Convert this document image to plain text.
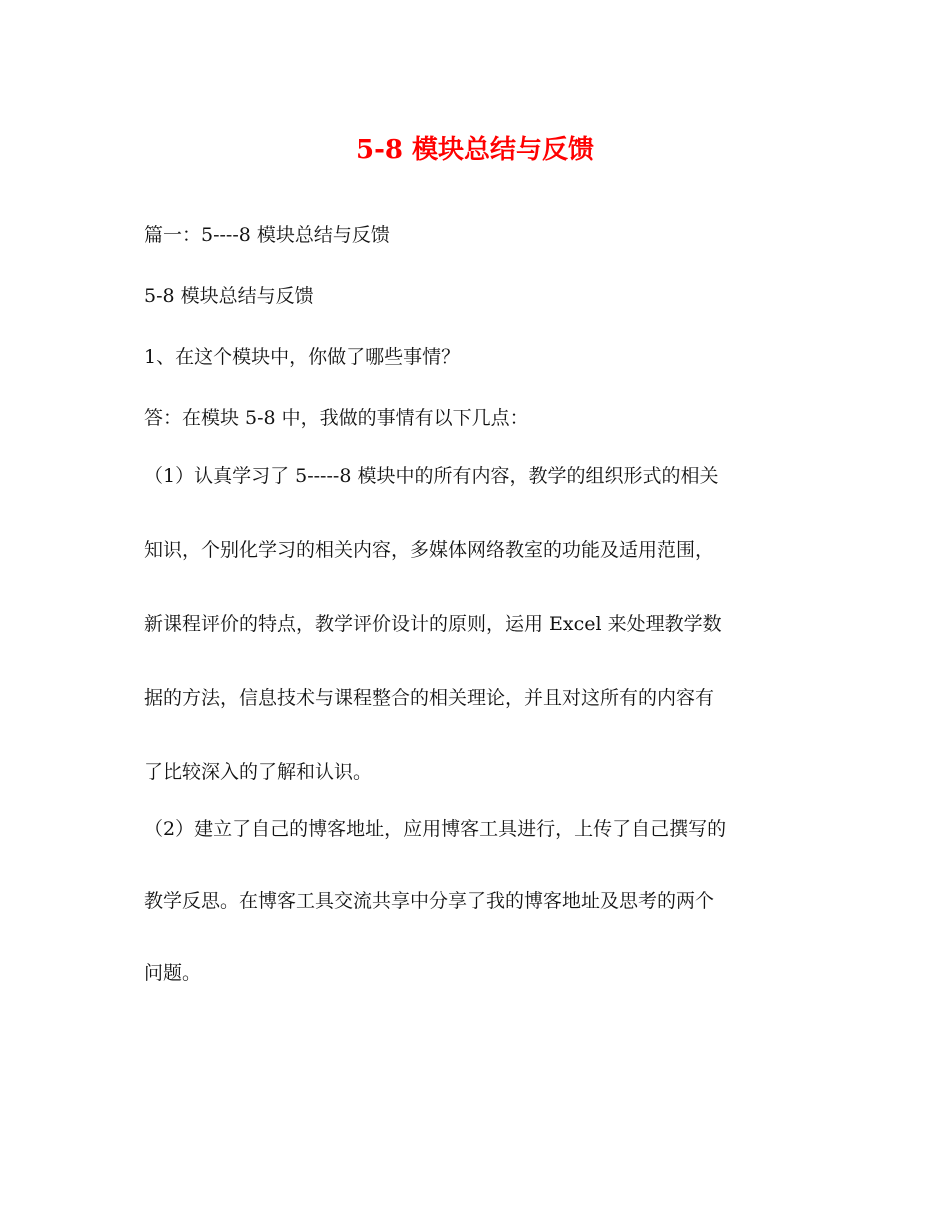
5-8 模块总结与反馈
篇一：5----8 模块总结与反馈
5-8 模块总结与反馈
1、在这个模块中，你做了哪些事情？
答：在模块 5-8 中，我做的事情有以下几点：

（1）认真学习了 5-----8 模块中的所有内容，教学的组织形式的相关

知识，个别化学习的相关内容，多媒体网络教室的功能及适用范围，

新课程评价的特点，教学评价设计的原则，运用 Excel 来处理教学数

据的方法，信息技术与课程整合的相关理论，并且对这所有的内容有

了比较深入的了解和认识。

（2）建立了自己的博客地址，应用博客工具进行，上传了自己撰写的

教学反思。在博客工具交流共享中分享了我的博客地址及思考的两个

问题。
